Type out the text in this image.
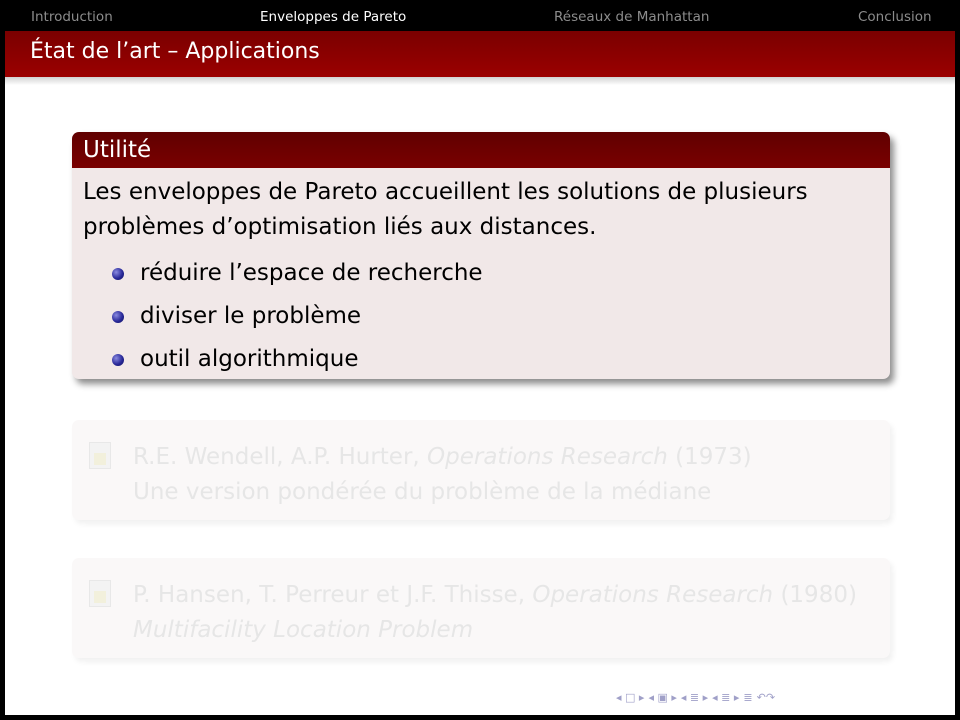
Introduction	Enveloppes de Pareto	Réseaux de Manhattan	Conclusion
État de l’art – Applications
Utilité
Les enveloppes de Pareto accueillent les solutions de plusieurs
problèmes d’optimisation liés aux distances.
réduire l’espace de recherche
diviser le problème
outil algorithmique
R.E. Wendell, A.P. Hurter, Operations Research (1973)
Une version pondérée du problème de la médiane
P. Hansen, T. Perreur et J.F. Thisse, Operations Research (1980)
Multifacility Location Problem
◂ □ ▸ ◂ ▣ ▸ ◂ ≣ ▸ ◂ ≣ ▸ ≣ ↶↷
